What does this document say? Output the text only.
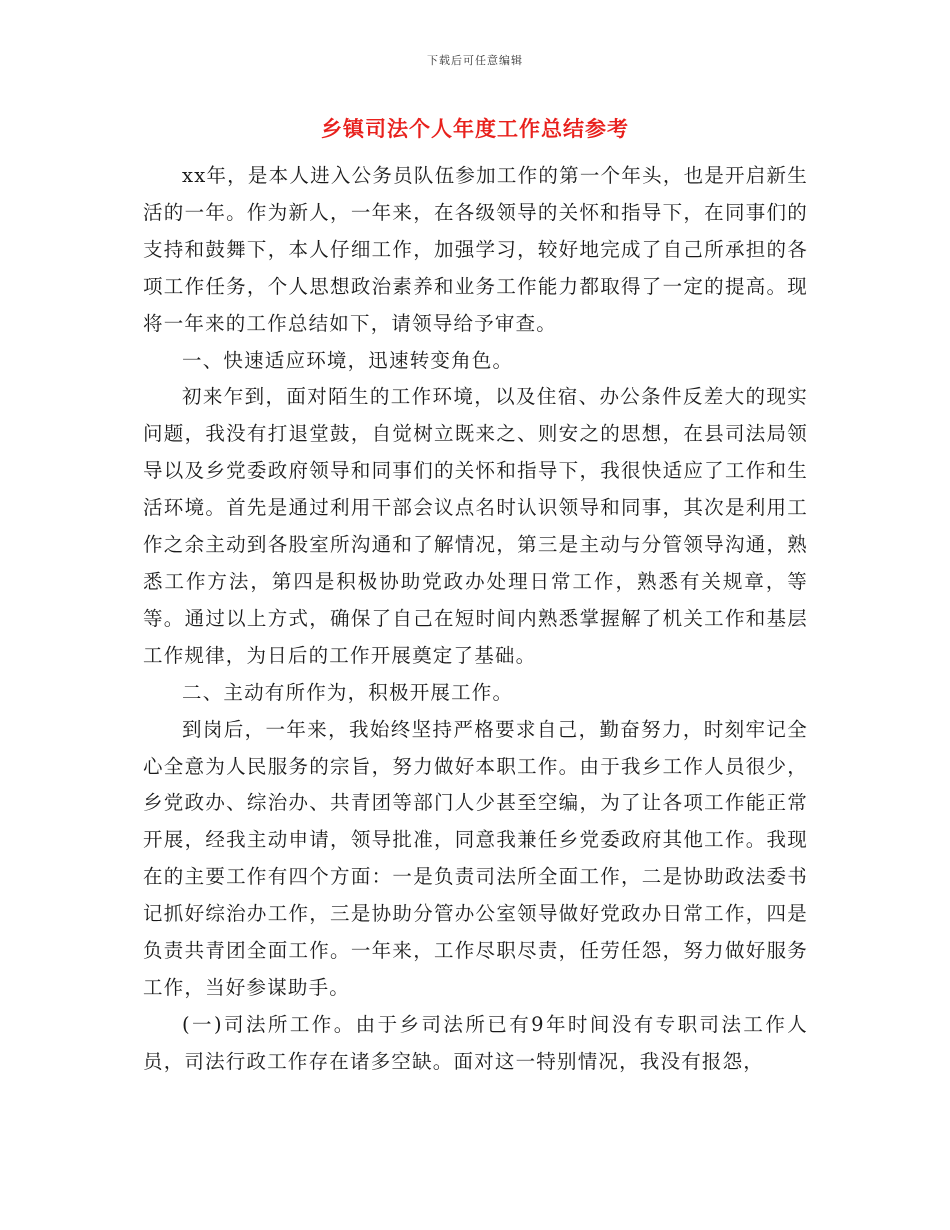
下载后可任意编辑
乡镇司法个人年度工作总结参考

xx年，是本人进入公务员队伍参加工作的第一个年头，也是开启新生活的一年。作为新人，一年来，在各级领导的关怀和指导下，在同事们的支持和鼓舞下，本人仔细工作，加强学习，较好地完成了自己所承担的各项工作任务，个人思想政治素养和业务工作能力都取得了一定的提高。现将一年来的工作总结如下，请领导给予审查。

一、快速适应环境，迅速转变角色。

初来乍到，面对陌生的工作环境，以及住宿、办公条件反差大的现实问题，我没有打退堂鼓，自觉树立既来之、则安之的思想，在县司法局领导以及乡党委政府领导和同事们的关怀和指导下，我很快适应了工作和生活环境。首先是通过利用干部会议点名时认识领导和同事，其次是利用工作之余主动到各股室所沟通和了解情况，第三是主动与分管领导沟通，熟悉工作方法，第四是积极协助党政办处理日常工作，熟悉有关规章，等等。通过以上方式，确保了自己在短时间内熟悉掌握解了机关工作和基层工作规律，为日后的工作开展奠定了基础。

二、主动有所作为，积极开展工作。

到岗后，一年来，我始终坚持严格要求自己，勤奋努力，时刻牢记全心全意为人民服务的宗旨，努力做好本职工作。由于我乡工作人员很少，乡党政办、综治办、共青团等部门人少甚至空编，为了让各项工作能正常开展，经我主动申请，领导批准，同意我兼任乡党委政府其他工作。我现在的主要工作有四个方面：一是负责司法所全面工作，二是协助政法委书记抓好综治办工作，三是协助分管办公室领导做好党政办日常工作，四是负责共青团全面工作。一年来，工作尽职尽责，任劳任怨，努力做好服务工作，当好参谋助手。

(一)司法所工作。由于乡司法所已有9年时间没有专职司法工作人员，司法行政工作存在诸多空缺。面对这一特别情况，我没有报怨，
